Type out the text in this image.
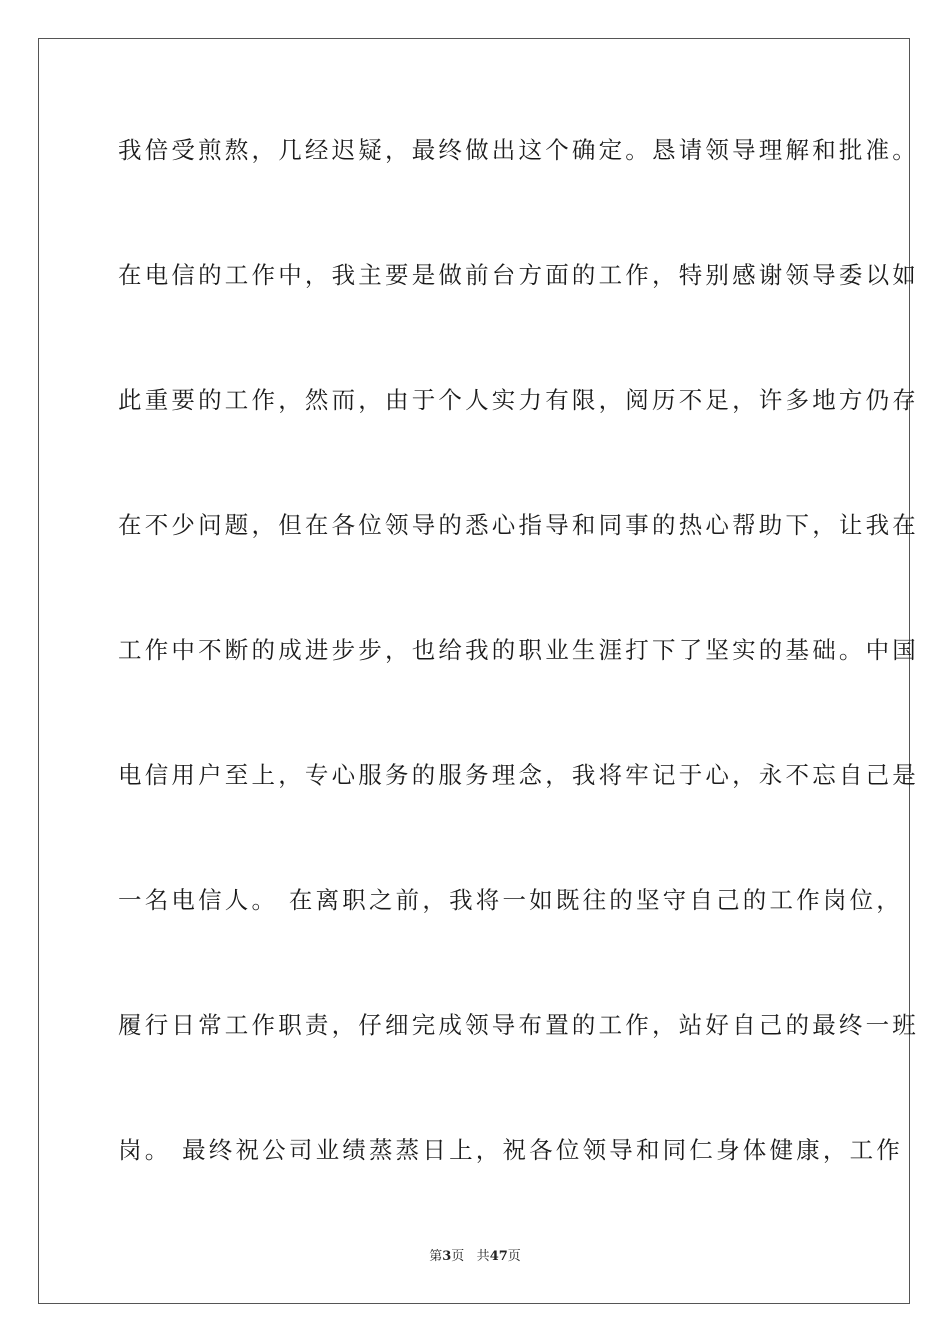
我倍受煎熬，几经迟疑，最终做出这个确定。恳请领导理解和批准。
在电信的工作中，我主要是做前台方面的工作，特别感谢领导委以如
此重要的工作，然而，由于个人实力有限，阅历不足，许多地方仍存
在不少问题，但在各位领导的悉心指导和同事的热心帮助下，让我在
工作中不断的成进步步，也给我的职业生涯打下了坚实的基础。中国
电信用户至上，专心服务的服务理念，我将牢记于心，永不忘自己是
一名电信人。 在离职之前，我将一如既往的坚守自己的工作岗位，
履行日常工作职责，仔细完成领导布置的工作，站好自己的最终一班
岗。 最终祝公司业绩蒸蒸日上，祝各位领导和同仁身体健康，工作
第3页 共47页
